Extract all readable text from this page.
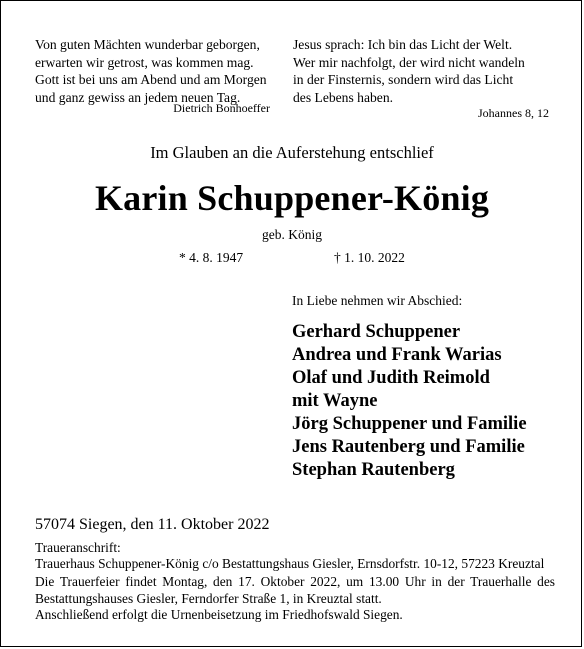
Von guten Mächten wunderbar geborgen,
erwarten wir getrost, was kommen mag.
Gott ist bei uns am Abend und am Morgen
und ganz gewiss an jedem neuen Tag.
Dietrich Bonhoeffer
Jesus sprach: Ich bin das Licht der Welt.
Wer mir nachfolgt, der wird nicht wandeln
in der Finsternis, sondern wird das Licht
des Lebens haben.
Johannes 8, 12
Im Glauben an die Auferstehung entschlief
Karin Schuppener-König
geb. König
* 4. 8. 1947	† 1. 10. 2022
In Liebe nehmen wir Abschied:
Gerhard Schuppener
Andrea und Frank Warias
Olaf und Judith Reimold
mit Wayne
Jörg Schuppener und Familie
Jens Rautenberg und Familie
Stephan Rautenberg
57074 Siegen, den 11. Oktober 2022
Traueranschrift:
Trauerhaus Schuppener-König c/o Bestattungshaus Giesler, Ernsdorfstr. 10-12, 57223 Kreuztal
Die Trauerfeier findet Montag, den 17. Oktober 2022, um 13.00 Uhr in der Trauerhalle des Bestattungshauses Giesler, Ferndorfer Straße 1, in Kreuztal statt.
Anschließend erfolgt die Urnenbeisetzung im Friedhofswald Siegen.
